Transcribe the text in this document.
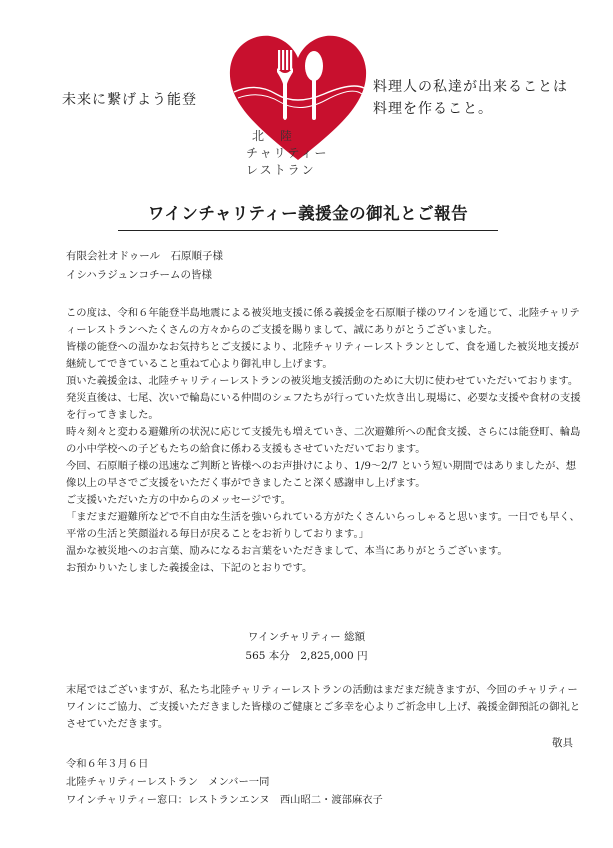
未来に繋げよう能登
料理人の私達が出来ることは
料理を作ること。
北　陸
チャリティー
レストラン
ワインチャリティー義援金の御礼とご報告
有限会社オドゥール　石原順子様
イシハラジュンコチームの皆様

この度は、令和６年能登半島地震による被災地支援に係る義援金を石原順子様のワインを通じて、北陸チャリティーレストランへたくさんの方々からのご支援を賜りまして、誠にありがとうございました。

皆様の能登への温かなお気持ちとご支援により、北陸チャリティーレストランとして、食を通した被災地支援が継続してできていること重ねて心より御礼申し上げます。

頂いた義援金は、北陸チャリティーレストランの被災地支援活動のために大切に使わせていただいております。

発災直後は、七尾、次いで輪島にいる仲間のシェフたちが行っていた炊き出し現場に、必要な支援や食材の支援を行ってきました。

時々刻々と変わる避難所の状況に応じて支援先も増えていき、二次避難所への配食支援、さらには能登町、輪島の小中学校への子どもたちの給食に係わる支援もさせていただいております。

今回、石原順子様の迅速なご判断と皆様へのお声掛けにより、1/9～2/7 という短い期間ではありましたが、想像以上の早さでご支援をいただく事ができましたこと深く感謝申し上げます。

ご支援いただいた方の中からのメッセージです。

「まだまだ避難所などで不自由な生活を強いられている方がたくさんいらっしゃると思います。一日でも早く、平常の生活と笑顔溢れる毎日が戻ることをお祈りしております。」

温かな被災地へのお言葉、励みになるお言葉をいただきまして、本当にありがとうございます。

お預かりいたしました義援金は、下記のとおりです。

ワインチャリティー 総額
565 本分　2,825,000 円
末尾ではございますが、私たち北陸チャリティーレストランの活動はまだまだ続きますが、今回のチャリティーワインにご協力、ご支援いただきました皆様のご健康とご多幸を心よりご祈念申し上げ、義援金御預託の御礼とさせていただきます。
敬具
令和６年３月６日
北陸チャリティーレストラン　メンバー一同
ワインチャリティー窓口：レストランエンヌ　西山昭二・渡部麻衣子
